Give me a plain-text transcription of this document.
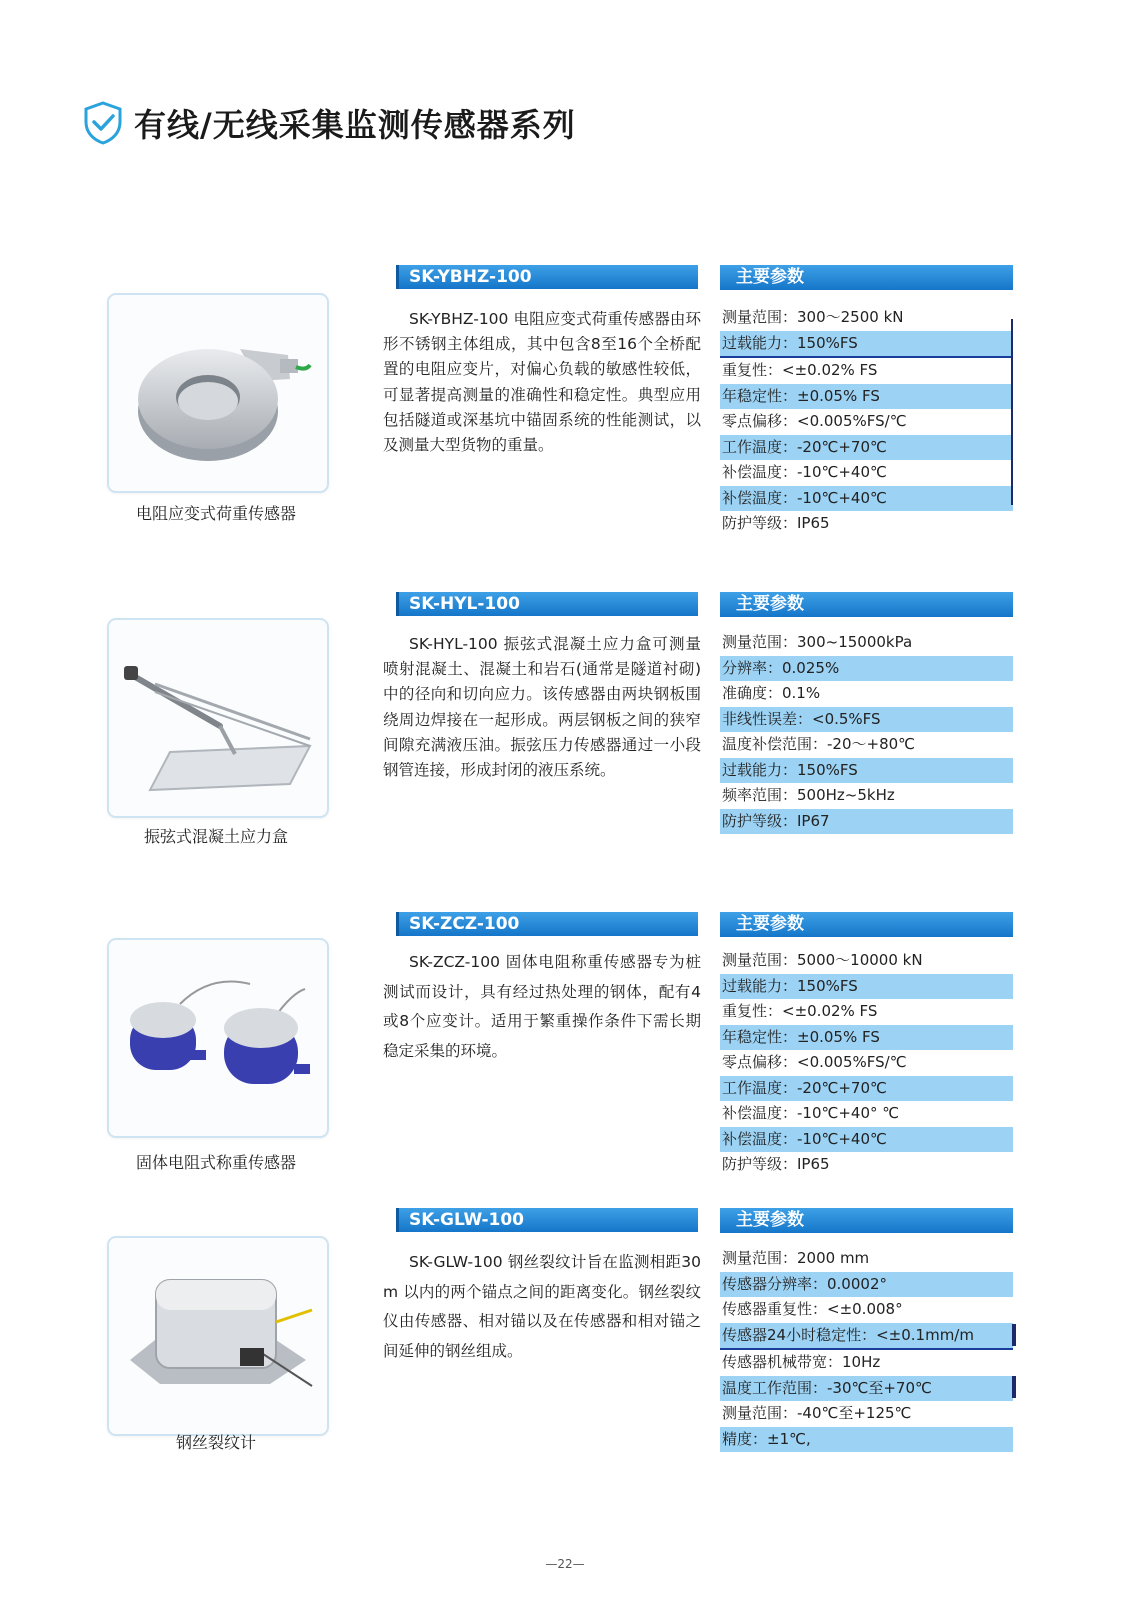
有线/无线采集监测传感器系列
电阻应变式荷重传感器
SK-YBHZ-100
SK-YBHZ-100 电阻应变式荷重传感器由环形不锈钢主体组成，其中包含8至16个全桥配置的电阻应变片，对偏心负载的敏感性较低，可显著提高测量的准确性和稳定性。典型应用包括隧道或深基坑中锚固系统的性能测试，以及测量大型货物的重量。
主要参数
测量范围：300～2500 kN
过载能力：150%FS
重复性：<±0.02% FS
年稳定性：±0.05% FS
零点偏移：<0.005%FS/℃
工作温度：-20℃+70℃
补偿温度：-10℃+40℃
补偿温度：-10℃+40℃
防护等级：IP65
振弦式混凝土应力盒
SK-HYL-100
SK-HYL-100 振弦式混凝土应力盒可测量喷射混凝土、混凝土和岩石(通常是隧道衬砌)中的径向和切向应力。该传感器由两块钢板围绕周边焊接在一起形成。两层钢板之间的狭窄间隙充满液压油。振弦压力传感器通过一小段钢管连接，形成封闭的液压系统。
主要参数
测量范围：300~15000kPa
分辨率：0.025%
准确度：0.1%
非线性误差：<0.5%FS
温度补偿范围：-20～+80℃
过载能力：150%FS
频率范围：500Hz~5kHz
防护等级：IP67
固体电阻式称重传感器
SK-ZCZ-100
SK-ZCZ-100 固体电阻称重传感器专为桩测试而设计，具有经过热处理的钢体，配有4或8个应变计。适用于繁重操作条件下需长期稳定采集的环境。
主要参数
测量范围：5000～10000 kN
过载能力：150%FS
重复性：<±0.02% FS
年稳定性：±0.05% FS
零点偏移：<0.005%FS/℃
工作温度：-20℃+70℃
补偿温度：-10℃+40° ℃
补偿温度：-10℃+40℃
防护等级：IP65
钢丝裂纹计
SK-GLW-100
SK-GLW-100 钢丝裂纹计旨在监测相距30 m 以内的两个锚点之间的距离变化。钢丝裂纹仪由传感器、相对锚以及在传感器和相对锚之间延伸的钢丝组成。
主要参数
测量范围：2000 mm
传感器分辨率：0.0002°
传感器重复性：<±0.008°
传感器24小时稳定性：<±0.1mm/m
传感器机械带宽：10Hz
温度工作范围：-30℃至+70℃
测量范围：-40℃至+125℃
精度：±1℃,
—22—
